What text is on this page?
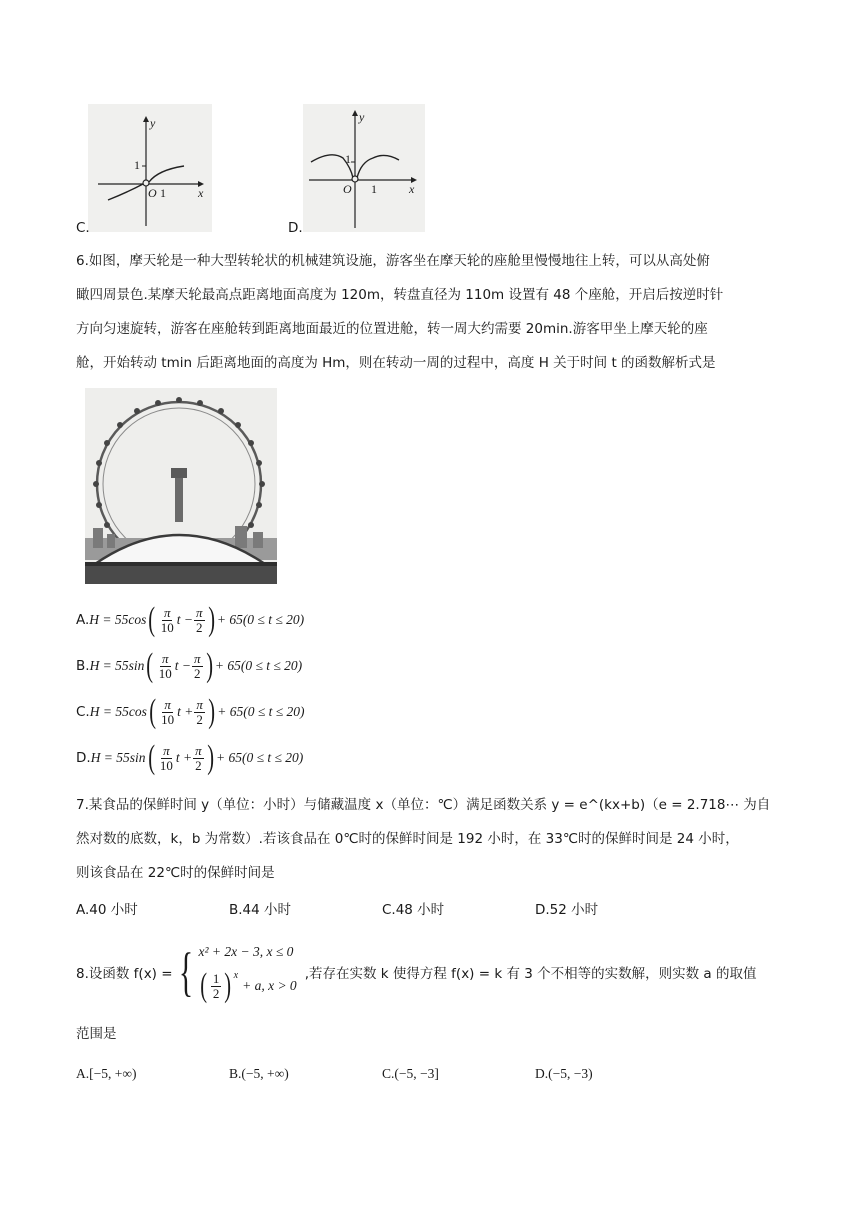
y
1
O 1	x
C.
y
1
O 1	x
D.
6.如图，摩天轮是一种大型转轮状的机械建筑设施，游客坐在摩天轮的座舱里慢慢地往上转，可以从高处俯
瞰四周景色.某摩天轮最高点距离地面高度为 120m，转盘直径为 110m 设置有 48 个座舱，开启后按逆时针
方向匀速旋转，游客在座舱转到距离地面最近的位置进舱，转一周大约需要 20min.游客甲坐上摩天轮的座
舱，开始转动 tmin 后距离地面的高度为 Hm，则在转动一周的过程中，高度 H 关于时间 t 的函数解析式是
A. H = 55cos ( $\frac{\pi}{10}$ $t - \frac{\pi}{2}$ ) + 65(0 ≤ t ≤ 20)
B. H = 55sin ( $\frac{\pi}{10}$ $t - \frac{\pi}{2}$ ) + 65(0 ≤ t ≤ 20)
C. H = 55cos ( $\frac{\pi}{10}$ $t + \frac{\pi}{2}$ ) + 65(0 ≤ t ≤ 20)
D. H = 55sin ( $\frac{\pi}{10}$ $t + \frac{\pi}{2}$ ) + 65(0 ≤ t ≤ 20)
7.某食品的保鲜时间 y（单位：小时）与储藏温度 x（单位：℃）满足函数关系 y = e^(kx+b)（e = 2.718⋯ 为自
然对数的底数，k，b 为常数）.若该食品在 0℃时的保鲜时间是 192 小时，在 33℃时的保鲜时间是 24 小时，
则该食品在 22℃时的保鲜时间是
A.40 小时	B.44 小时	C.48 小时	D.52 小时
8.设函数 f(x) = { x² + 2x − 3, x ≤ 0
( $\frac{1}{2}$ ) x
+ a, x > 0
,若存在实数 k 使得方程 f(x) = k 有 3 个不相等的实数解，则实数 a 的取值
范围是
A.[−5, +∞)	B.(−5, +∞)	C.(−5, −3]	D.(−5, −3)
